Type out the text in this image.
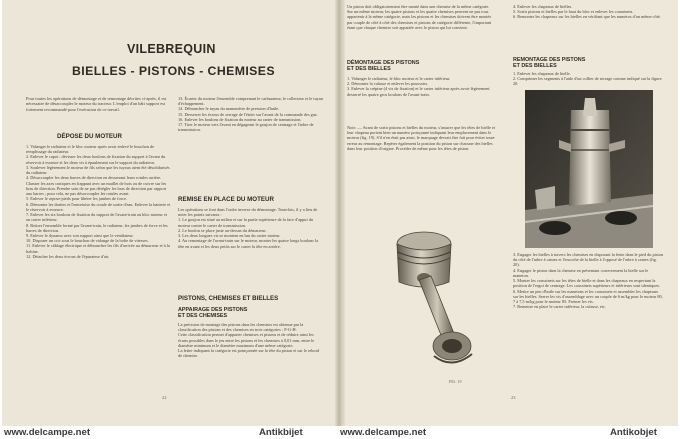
VILEBREQUIN
BIELLES - PISTONS - CHEMISES
Pour toutes les opérations de démontage et de remontage décrites ci-après, il est nécessaire de désaccoupler le moteur du tracteur. L'emploi d'un bâti support est fortement recommandé pour l'exécution de ce travail.
DÉPOSE DU MOTEUR
1. Vidanger le radiateur et le bloc moteur après avoir enlevé le bouchon de remplissage du radiateur.
2. Enlever le capot : dévisser les deux boulons de fixation du support à l'avant du réservoir à essence et les deux vis à épaulement sur le support du radiateur.
3. Soulever légèrement le moteur de fils selon que les tuyaux aient été désolidarisés du radiateur.
4. Désaccoupler les deux barres de direction en desserrant leurs rotules arrière. Chasser les axes coniques en frappant avec un maillet de bois ou de cuivre sur les bras de direction. Prendre soin de ne pas dérégler les bras de direction par rapport aux barres ; pour cela, ne pas désaccoupler les rotules avant.
5. Enlever le repose-pieds pour libérer les jambes de force.
6. Démonter les durites et l'entretoise du coude de sortie d'eau. Enlever la batterie et le réservoir à essence.
7. Enlever les six boulons de fixation du support de l'avant-train au bloc moteur et au carter inférieur.
8. Retirer l'ensemble formé par l'avant-train, le radiateur, les jambes de force et les barres de direction.
9. Enlever le dynamo avec son support ainsi que le ventilateur.
10. Disposer un cric sous le bouchon de vidange de la boîte de vitesses.
11. Enlever le câblage électrique et débrancher les fils d'arrivée au démarreur et à la bobine.
12. Détacher les deux écrous de l'épurateur d'air.
13. Écarter du moteur l'ensemble comprenant le carburateur, le collecteur et le tuyau d'échappement.
14. Débrancher le tuyau du manomètre de pression d'huile.
15. Desserrer les écrous de serrage de l'étrier sur l'avant de la commande des gaz.
16. Enlever les boulons de fixation du moteur au carter de transmission.
17. Tirer le moteur vers l'avant en dégageant le goujon de centrage et l'arbre de transmission.
REMISE EN PLACE DU MOTEUR
Les opérations se font dans l'ordre inverse du démontage. Toutefois, il y a lieu de noter les points suivants :
1. Le goujon est situé au milieu et sur la partie supérieure de la face d'appui du moteur contre le carter de transmission.
2. Le boulon se place juste au-dessus du démarreur.
3. Les deux longues vis se montent en bas du carter moteur.
4. Au remontage de l'avant-train sur le moteur, monter les quatre longs boulons la tête en avant et les deux petits sur le carter la tête en arrière.
PISTONS, CHEMISES ET BIELLES
APPAIRAGE DES PISTONS
ET DES CHEMISES
La précision de montage des pistons dans les chemises est obtenue par la classification des pistons et des chemises en trois catégories : F-G-H.
Cette classification permet d'apparier chemises et pistons et de réduire ainsi les écarts possibles dans le jeu entre les pistons et les chemises à 0,01 mm, entre le diamètre minimum et le diamètre maximum d'une même catégorie.
La lettre indiquant la catégorie est poinçonnée sur la tête du piston et sur le rebord de chemise.
22
Un piston doit obligatoirement être monté dans une chemise de la même catégorie. Sur un même moteur, les quatre pistons et les quatre chemises peuvent ne pas tous appartenir à la même catégorie, mais les pistons et les chemises doivent être montés par couple de côté à côté des chemises et pistons de catégorie différente, l'important étant que chaque chemise soit appariée avec le piston qui lui convient.
DÉMONTAGE DES PISTONS
ET DES BIELLES
1. Vidanger le radiateur, le bloc moteur et le carter inférieur.
2. Démonter la culasse et enlever les poussoirs.
3. Enlever la crépine (4 vis de fixation) et le carter inférieur après avoir légèrement desserré les quatre gros boulons de l'avant-train.
Note. — Avant de sortir pistons et bielles du moteur, s'assurer que les têtes de bielle et leur chapeau portent bien un numéro poinçonné indiquant leur emplacement dans le moteur (fig. 19). S'il n'en était pas ainsi, le marquage devrait être fait pour éviter toute erreur au remontage. Repérer également la position du piston sur chacune des bielles dans leur position d'origine. Procéder de même pour les têtes de piston.
FIG. 19
4. Enlever les chapeaux de bielles.
5. Sortir pistons et bielles par le haut du bloc et enlever les coussinets.
6. Remonter les chapeaux sur les bielles en vérifiant que les numéros d'un même côté.
REMONTAGE DES PISTONS
ET DES BIELLES
1. Enlever les chapeaux de bielle.
2. Comprimer les segments à l'aide d'un collier de serrage comme indiqué sur la figure 20.
3. Engager les bielles à travers les chemises en disposant la fente dans le pied du piston du côté de l'arbre à cames et l'encoche de la bielle à l'opposé de l'arbre à cames (fig. 20).
4. Engager le piston dans la chemise en présentant correctement la bielle sur le maneton.
5. Monter les coussinets sur les têtes de bielle et dans les chapeaux en respectant la position de l'ergot de centrage. Les coussinets supérieurs et inférieurs sont identiques.
6. Mettre un peu d'huile sur les manetons et les coussinets et assembler les chapeaux sur les bielles. Serrer les vis d'assemblage avec un couple de 6 m/kg pour le moteur 80, 7 à 7,5 m/kg pour le moteur 85. Freiner les vis.
7. Remettre en place le carter inférieur, la culasse, etc.
23
www.delcampe.net	Antikbijet	www.delcampe.net	Antikobjet
